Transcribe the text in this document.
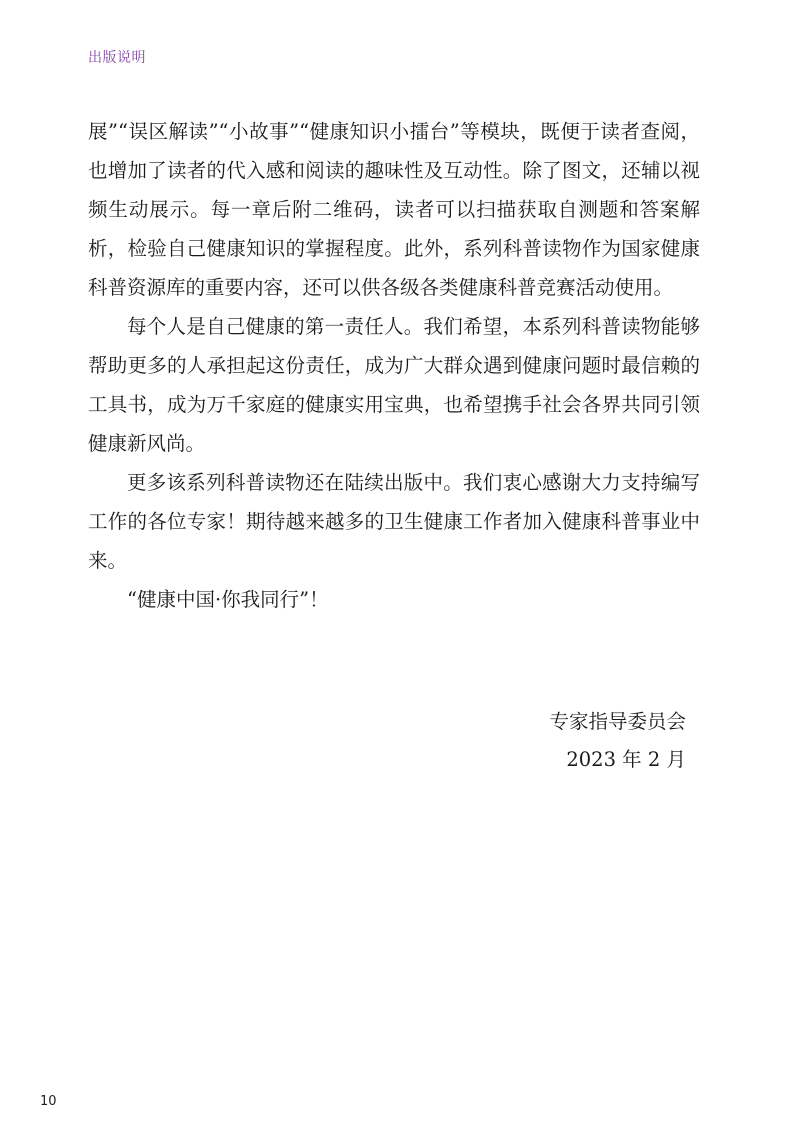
出版说明

展”“误区解读”“小故事”“健康知识小擂台”等模块，既便于读者查阅，也增加了读者的代入感和阅读的趣味性及互动性。除了图文，还辅以视频生动展示。每一章后附二维码，读者可以扫描获取自测题和答案解析，检验自己健康知识的掌握程度。此外，系列科普读物作为国家健康科普资源库的重要内容，还可以供各级各类健康科普竞赛活动使用。

每个人是自己健康的第一责任人。我们希望，本系列科普读物能够帮助更多的人承担起这份责任，成为广大群众遇到健康问题时最信赖的工具书，成为万千家庭的健康实用宝典，也希望携手社会各界共同引领健康新风尚。

更多该系列科普读物还在陆续出版中。我们衷心感谢大力支持编写工作的各位专家！期待越来越多的卫生健康工作者加入健康科普事业中来。

“健康中国·你我同行”！

专家指导委员会
2023 年 2 月
10
